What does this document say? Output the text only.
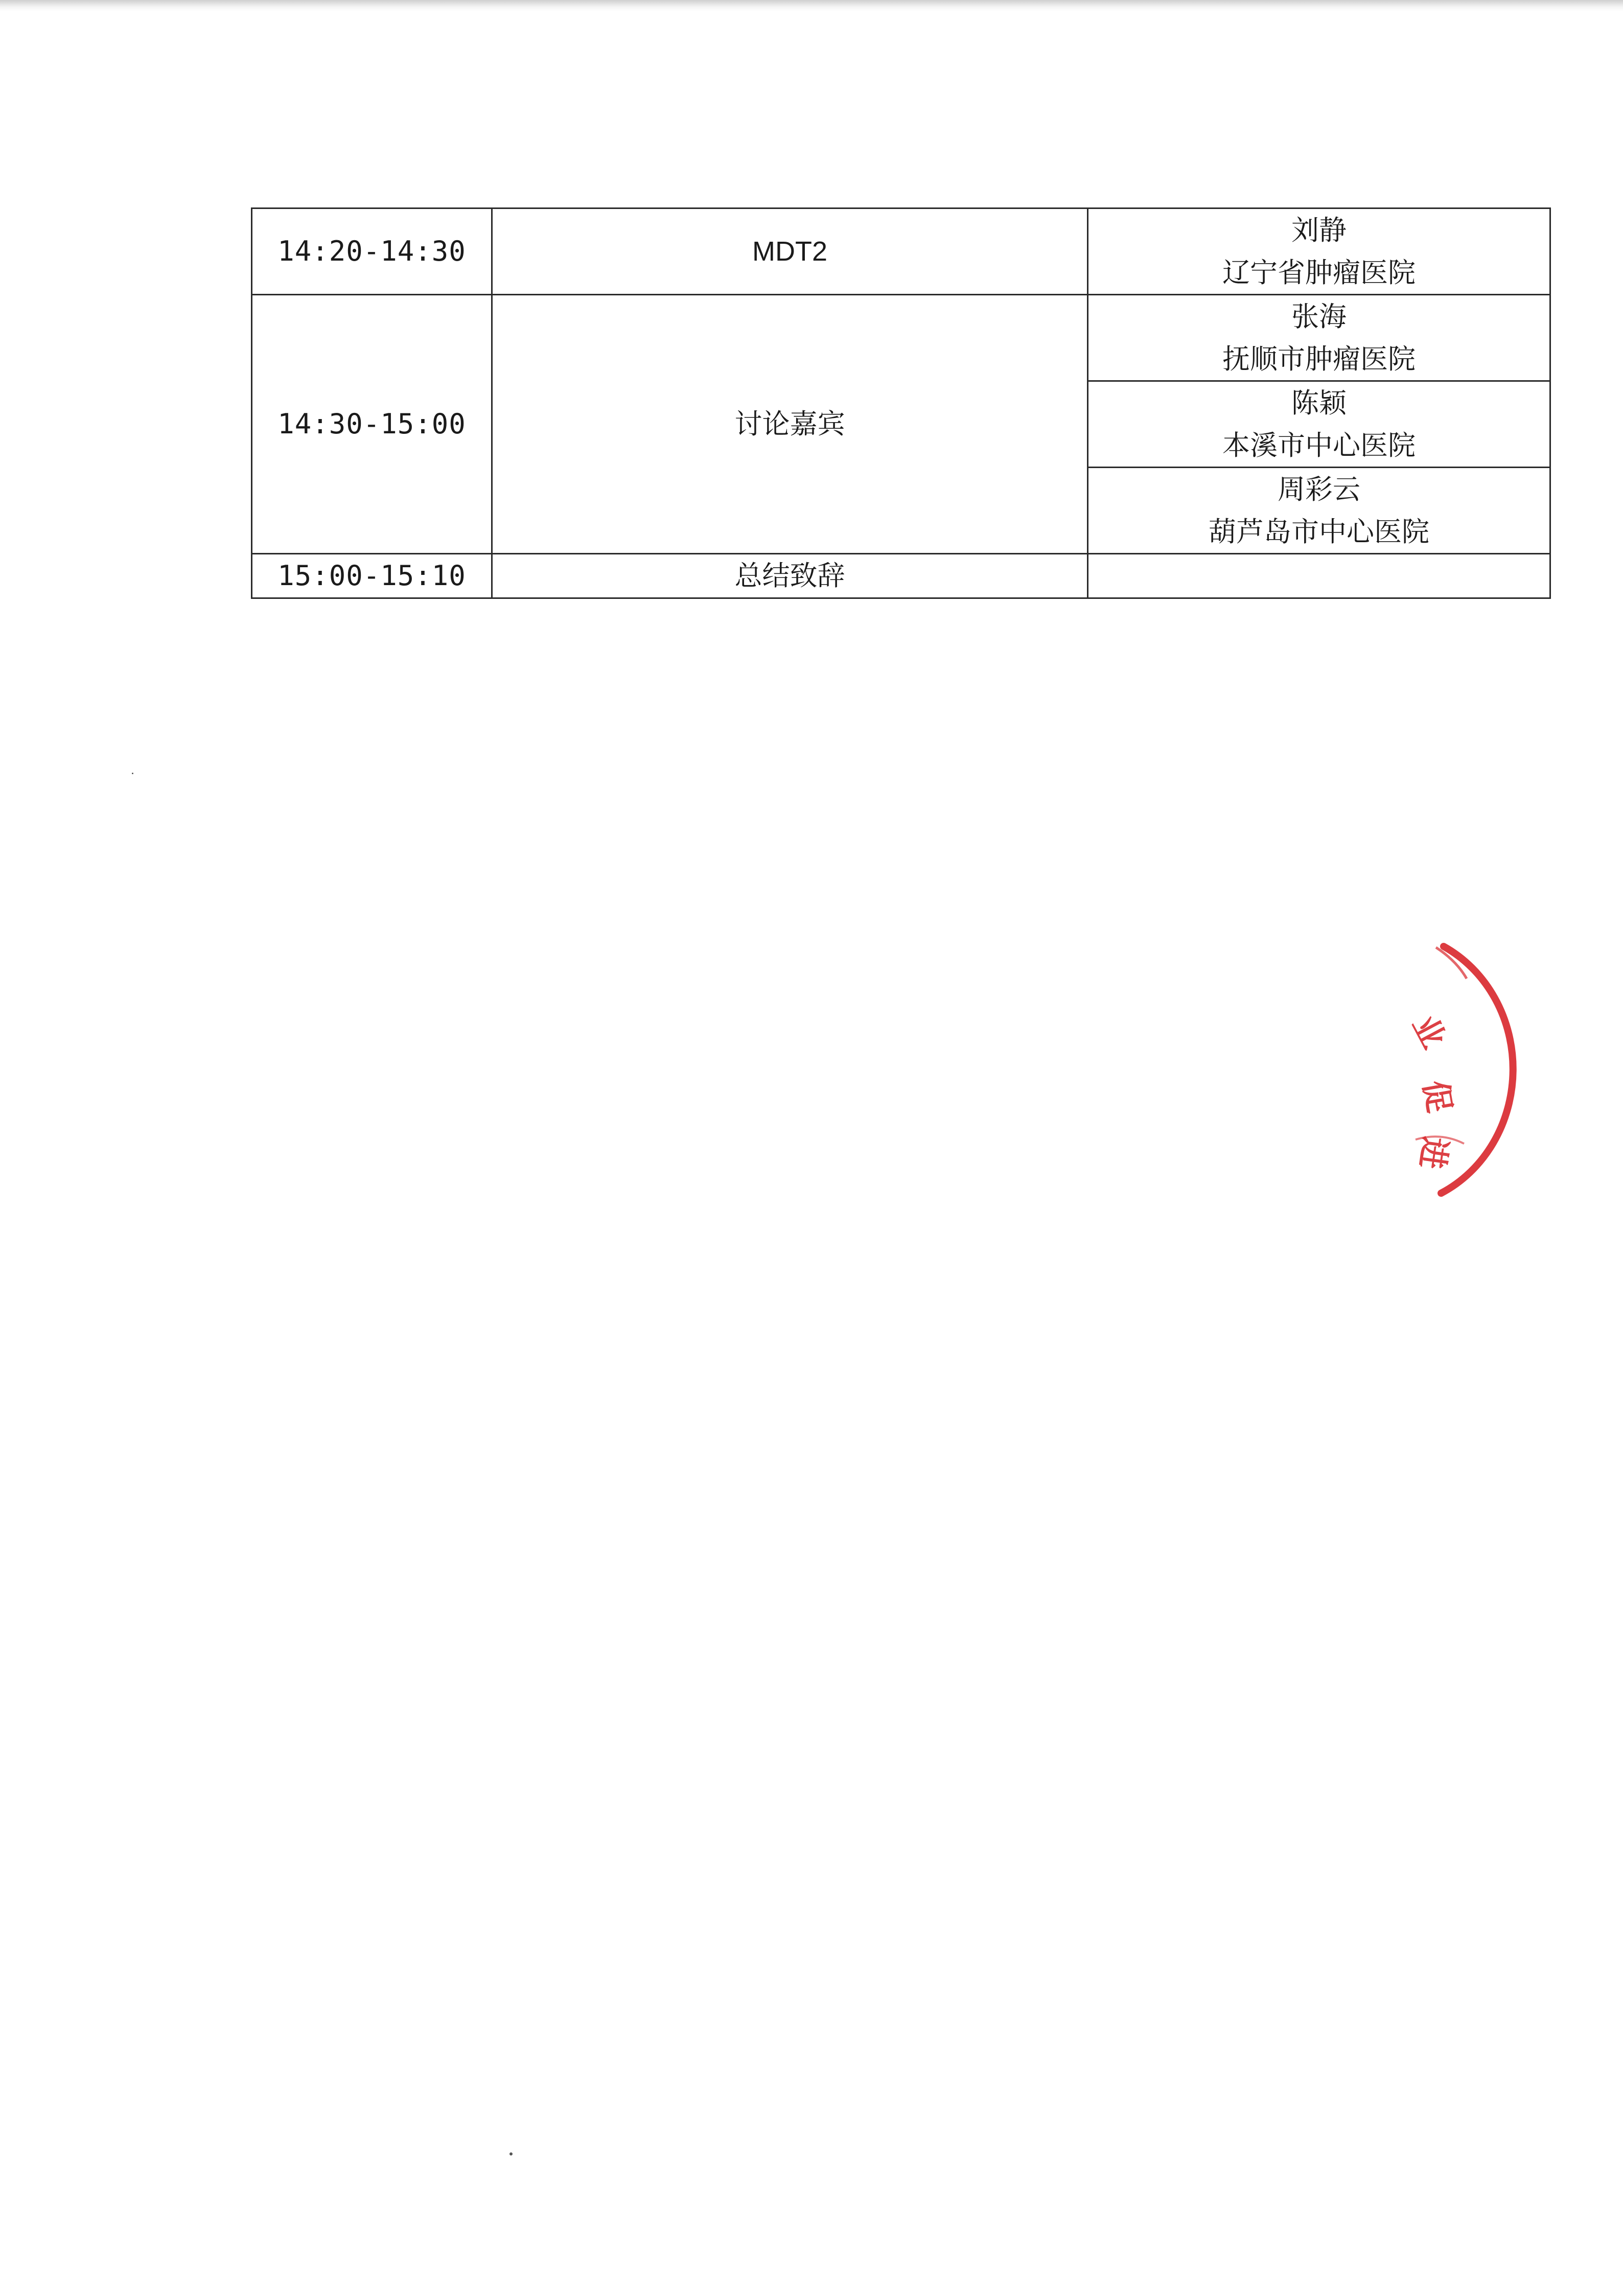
14:20-14:30	MDT2	刘静
辽宁省肿瘤医院

14:30-15:00	讨论嘉宾	张海
抚顺市肿瘤医院

		陈颖
本溪市中心医院

		周彩云
葫芦岛市中心医院

15:00-15:10	总结致辞	
业
促
进
